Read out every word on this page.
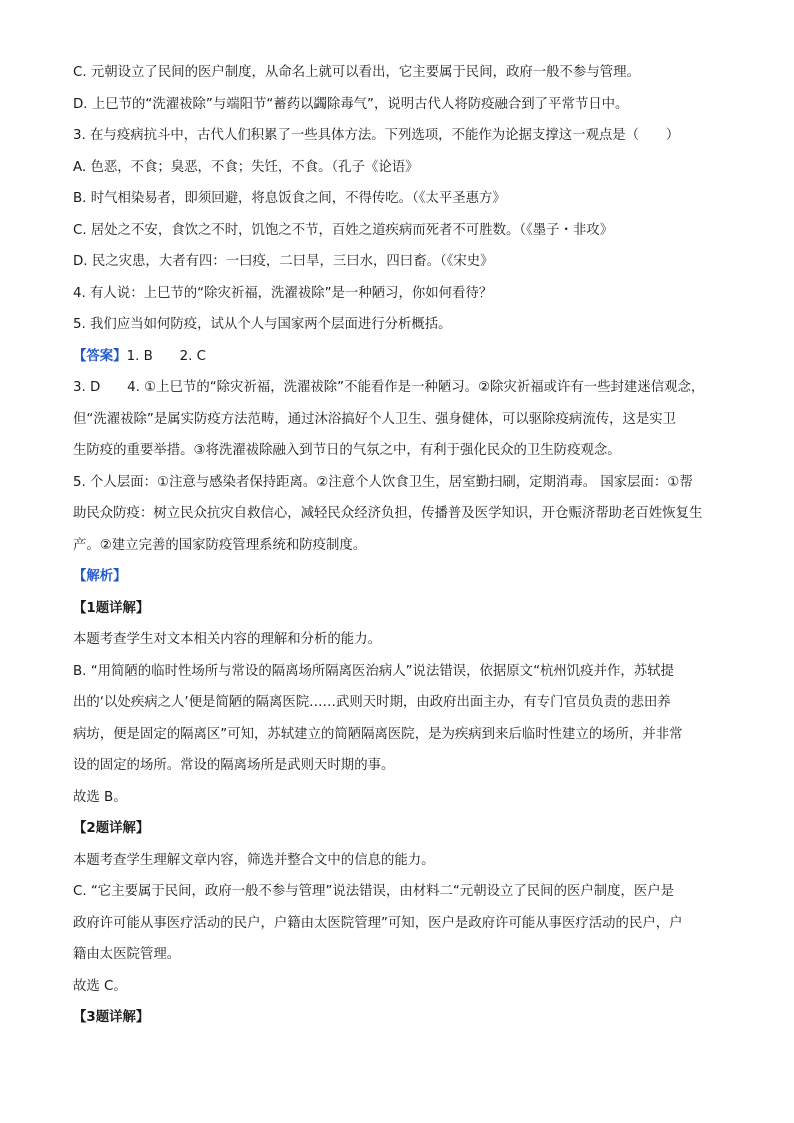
C. 元朝设立了民间的医户制度，从命名上就可以看出，它主要属于民间，政府一般不参与管理。

D. 上巳节的“洗濯祓除”与端阳节“蓄药以蠲除毒气”，说明古代人将防疫融合到了平常节日中。

3. 在与疫病抗斗中，古代人们积累了一些具体方法。下列选项，不能作为论据支撑这一观点是（　　）

A. 色恶，不食；臭恶，不食；失饪，不食。（孔子《论语》

B. 时气相染易者，即须回避，将息饭食之间，不得传吃。（《太平圣惠方》

C. 居处之不安，食饮之不时，饥饱之不节，百姓之道疾病而死者不可胜数。（《墨子・非攻》

D. 民之灾患，大者有四：一曰疫，二曰旱，三曰水，四曰畜。（《宋史》

4. 有人说：上巳节的“除灾祈福，洗濯祓除”是一种陋习，你如何看待？

5. 我们应当如何防疫，试从个人与国家两个层面进行分析概括。

【答案】1. B　　2. C

3. D　　4. ①上巳节的“除灾祈福，洗濯祓除”不能看作是一种陋习。②除灾祈福或许有一些封建迷信观念，

但“洗濯祓除”是属实防疫方法范畴，通过沐浴搞好个人卫生、强身健体，可以驱除疫病流传，这是实卫

生防疫的重要举措。③将洗濯祓除融入到节日的气氛之中，有利于强化民众的卫生防疫观念。

5. 个人层面：①注意与感染者保持距离。②注意个人饮食卫生，居室勤扫刷，定期消毒。 国家层面：①帮

助民众防疫：树立民众抗灾自救信心，减轻民众经济负担，传播普及医学知识，开仓赈济帮助老百姓恢复生

产。②建立完善的国家防疫管理系统和防疫制度。

【解析】

【1题详解】

本题考查学生对文本相关内容的理解和分析的能力。

B. “用简陋的临时性场所与常设的隔离场所隔离医治病人”说法错误，依据原文“杭州饥疫并作，苏轼提

出的‘以处疾病之人’便是简陋的隔离医院……武则天时期，由政府出面主办，有专门官员负责的悲田养

病坊，便是固定的隔离区”可知，苏轼建立的简陋隔离医院，是为疾病到来后临时性建立的场所，并非常

设的固定的场所。常设的隔离场所是武则天时期的事。

故选 B。

【2题详解】

本题考查学生理解文章内容，筛选并整合文中的信息的能力。

C. “它主要属于民间，政府一般不参与管理”说法错误，由材料二“元朝设立了民间的医户制度，医户是

政府许可能从事医疗活动的民户，户籍由太医院管理”可知，医户是政府许可能从事医疗活动的民户，户

籍由太医院管理。

故选 C。

【3题详解】
